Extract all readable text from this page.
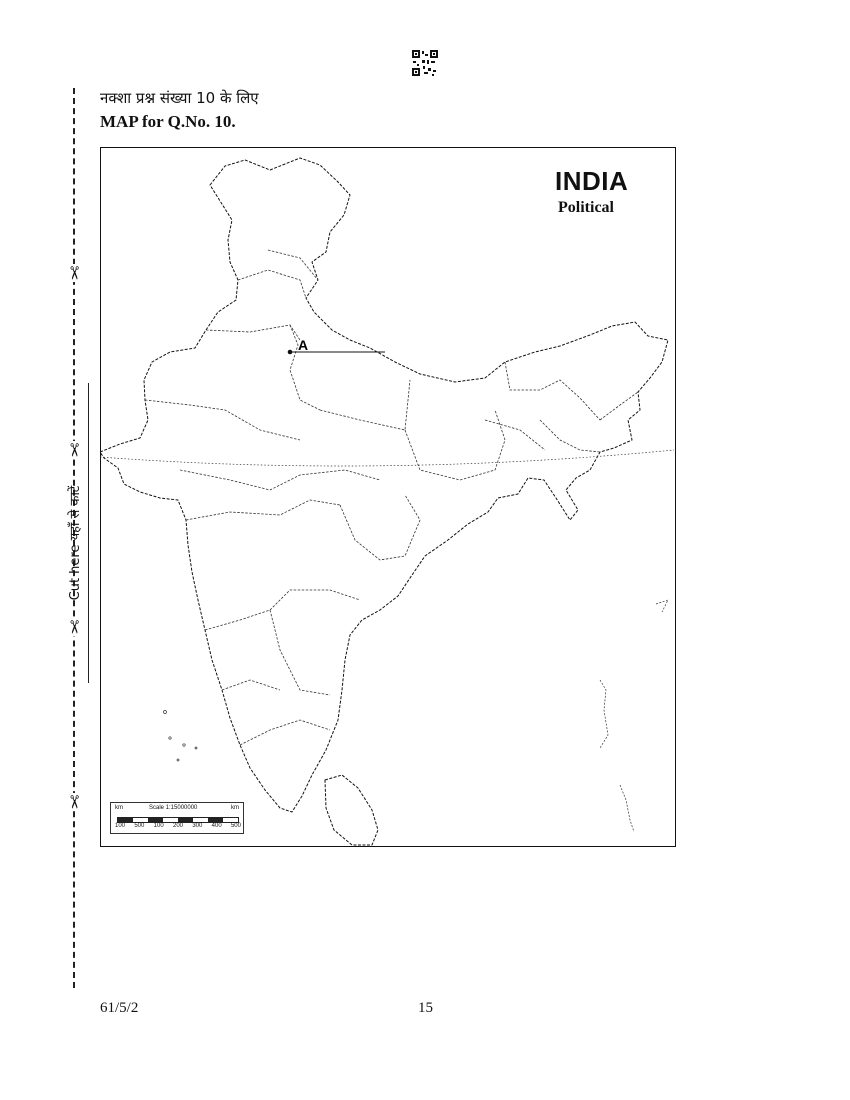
✂
✂
✂
✂
Cut here यहाँ से काटें
नक्शा प्रश्न संख्या 10 के लिए
MAP for Q.No. 10.
A
INDIA
Political
km	Scale 1:15000000	km
100 500 100 200 300 400 500
61/5/2	15
